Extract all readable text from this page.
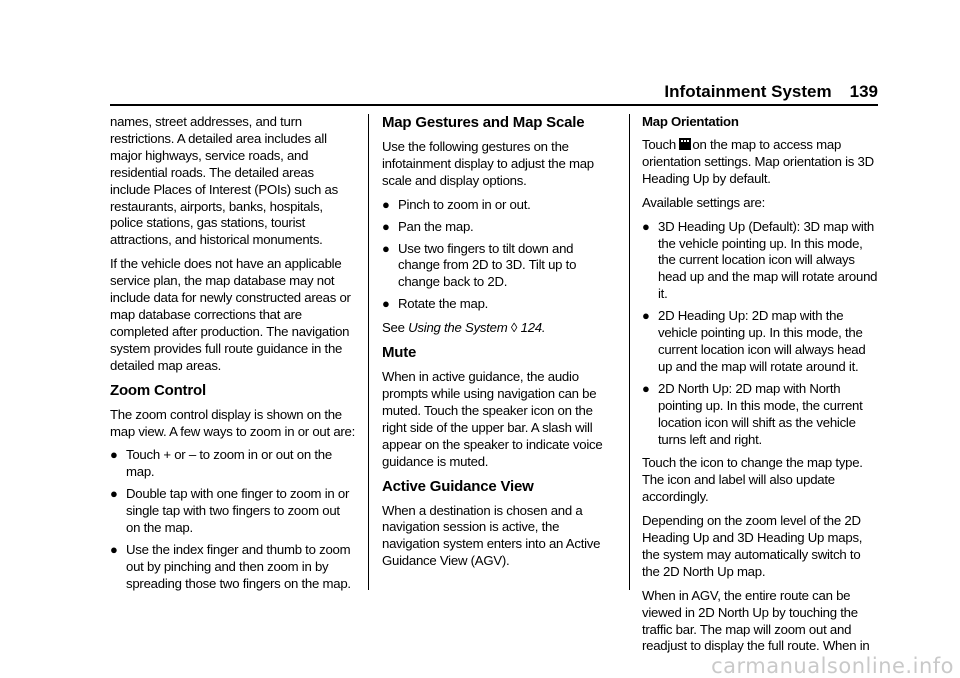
Infotainment System 139

names, street addresses, and turn restrictions. A detailed area includes all major highways, service roads, and residential roads. The detailed areas include Places of Interest (POIs) such as restaurants, airports, banks, hospitals, police stations, gas stations, tourist attractions, and historical monuments.

If the vehicle does not have an applicable service plan, the map database may not include data for newly constructed areas or map database corrections that are completed after production. The navigation system provides full route guidance in the detailed map areas.

Zoom Control

The zoom control display is shown on the map view. A few ways to zoom in or out are:

● Touch + or – to zoom in or out on the map.
● Double tap with one finger to zoom in or single tap with two fingers to zoom out on the map.
● Use the index finger and thumb to zoom out by pinching and then zoom in by spreading those two fingers on the map.
Map Gestures and Map Scale

Use the following gestures on the infotainment display to adjust the map scale and display options.

● Pinch to zoom in or out.
● Pan the map.
● Use two fingers to tilt down and change from 2D to 3D. Tilt up to change back to 2D.
● Rotate the map.

See Using the System ◊ 124.

Mute

When in active guidance, the audio prompts while using navigation can be muted. Touch the speaker icon on the right side of the upper bar. A slash will appear on the speaker to indicate voice guidance is muted.

Active Guidance View

When a destination is chosen and a navigation session is active, the navigation system enters into an Active Guidance View (AGV).

Map Orientation

Touch on the map to access map orientation settings. Map orientation is 3D Heading Up by default.

Available settings are:

● 3D Heading Up (Default): 3D map with the vehicle pointing up. In this mode, the current location icon will always head up and the map will rotate around it.
● 2D Heading Up: 2D map with the vehicle pointing up. In this mode, the current location icon will always head up and the map will rotate around it.
● 2D North Up: 2D map with North pointing up. In this mode, the current location icon will shift as the vehicle turns left and right.

Touch the icon to change the map type. The icon and label will also update accordingly.

Depending on the zoom level of the 2D Heading Up and 3D Heading Up maps, the system may automatically switch to the 2D North Up map.

When in AGV, the entire route can be viewed in 2D North Up by touching the traffic bar. The map will zoom out and readjust to display the full route. When in

carmanualsonline.info
